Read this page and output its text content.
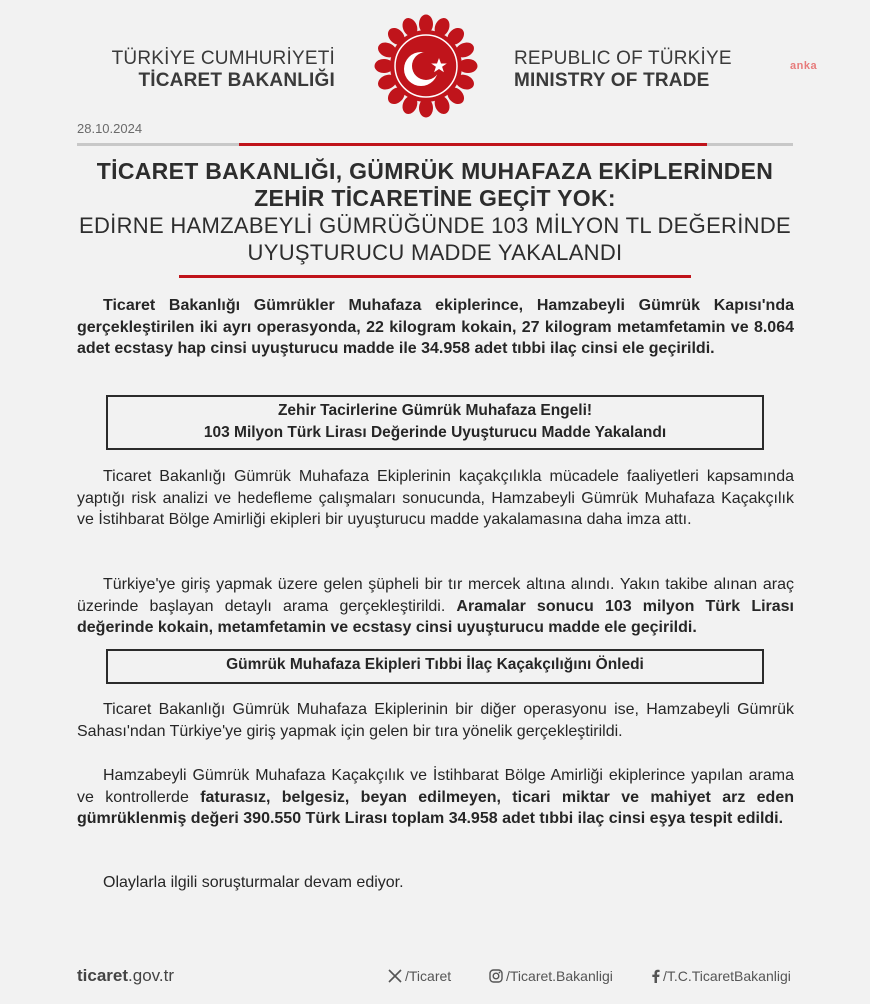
TÜRKİYE CUMHURİYETİ
TİCARET BAKANLIĞI
REPUBLIC OF TÜRKİYE
MINISTRY OF TRADE
anka
28.10.2024
TİCARET BAKANLIĞI, GÜMRÜK MUHAFAZA EKİPLERİNDEN
ZEHİR TİCARETİNE GEÇİT YOK:
EDİRNE HAMZABEYLİ GÜMRÜĞÜNDE 103 MİLYON TL DEĞERİNDE
UYUŞTURUCU MADDE YAKALANDI

Ticaret Bakanlığı Gümrükler Muhafaza ekiplerince, Hamzabeyli Gümrük Kapısı'nda gerçekleştirilen iki ayrı operasyonda, 22 kilogram kokain, 27 kilogram metamfetamin ve 8.064 adet ecstasy hap cinsi uyuşturucu madde ile 34.958 adet tıbbi ilaç cinsi ele geçirildi.

Zehir Tacirlerine Gümrük Muhafaza Engeli!
103 Milyon Türk Lirası Değerinde Uyuşturucu Madde Yakalandı

Ticaret Bakanlığı Gümrük Muhafaza Ekiplerinin kaçakçılıkla mücadele faaliyetleri kapsamında yaptığı risk analizi ve hedefleme çalışmaları sonucunda, Hamzabeyli Gümrük Muhafaza Kaçakçılık ve İstihbarat Bölge Amirliği ekipleri bir uyuşturucu madde yakalamasına daha imza attı.

Türkiye'ye giriş yapmak üzere gelen şüpheli bir tır mercek altına alındı. Yakın takibe alınan araç üzerinde başlayan detaylı arama gerçekleştirildi. Aramalar sonucu 103 milyon Türk Lirası değerinde kokain, metamfetamin ve ecstasy cinsi uyuşturucu madde ele geçirildi.

Gümrük Muhafaza Ekipleri Tıbbi İlaç Kaçakçılığını Önledi

Ticaret Bakanlığı Gümrük Muhafaza Ekiplerinin bir diğer operasyonu ise, Hamzabeyli Gümrük Sahası'ndan Türkiye'ye giriş yapmak için gelen bir tıra yönelik gerçekleştirildi.

Hamzabeyli Gümrük Muhafaza Kaçakçılık ve İstihbarat Bölge Amirliği ekiplerince yapılan arama ve kontrollerde faturasız, belgesiz, beyan edilmeyen, ticari miktar ve mahiyet arz eden gümrüklenmiş değeri 390.550 Türk Lirası toplam 34.958 adet tıbbi ilaç cinsi eşya tespit edildi.

Olaylarla ilgili soruşturmalar devam ediyor.

ticaret.gov.tr	/Ticaret	/Ticaret.Bakanligi	/T.C.TicaretBakanligi
